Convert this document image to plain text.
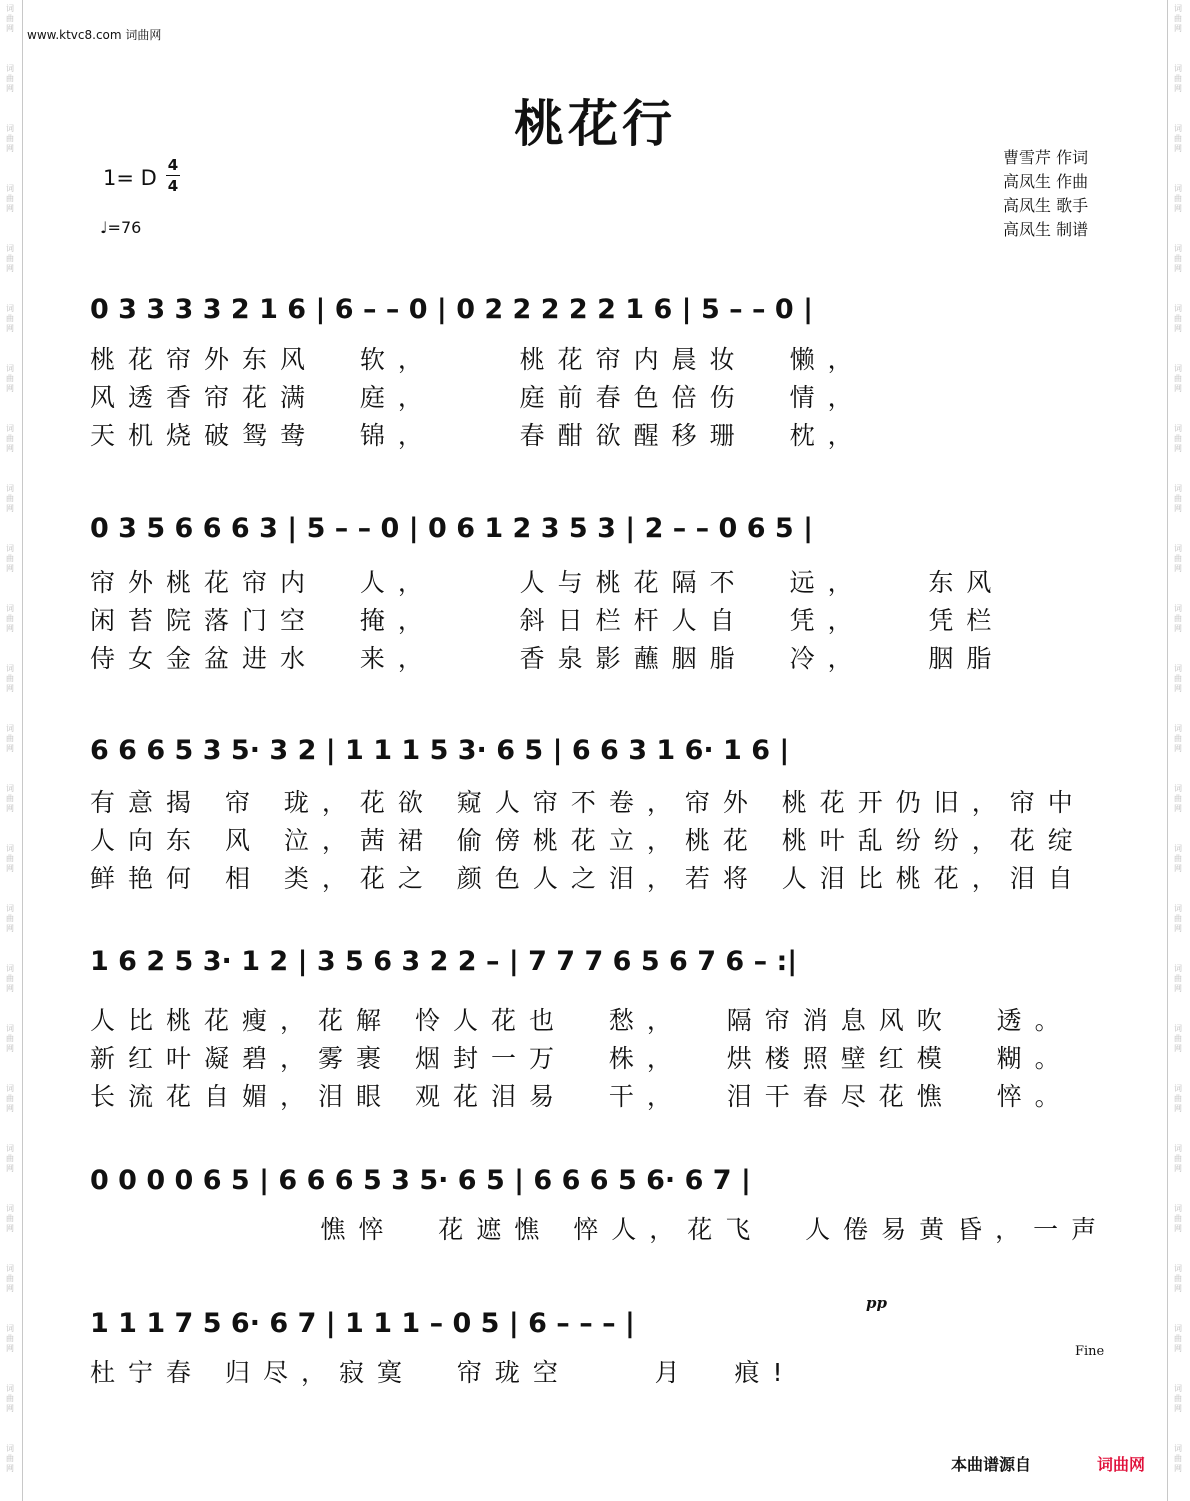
词
曲
网
词
曲
网
词
曲
网
词
曲
网
词
曲
网
词
曲
网
词
曲
网
词
曲
网
词
曲
网
词
曲
网
词
曲
网
词
曲
网
词
曲
网
词
曲
网
词
曲
网
词
曲
网
词
曲
网
词
曲
网
词
曲
网
词
曲
网
词
曲
网
词
曲
网
词
曲
网
词
曲
网
词
曲
网
词
曲
网
词
曲
网
词
曲
网
词
曲
网
词
曲
网
词
曲
网
词
曲
网
词
曲
网
词
曲
网
词
曲
网
词
曲
网
词
曲
网
词
曲
网
词
曲
网
词
曲
网
词
曲
网
词
曲
网
词
曲
网
词
曲
网
词
曲
网
词
曲
网
词
曲
网
词
曲
网
词
曲
网
词
曲
网
www.ktvc8.com 词曲网
桃花行
1= D
4
4
♩=76
曹雪芹 作词
高凤生 作曲
高凤生 歌手
高凤生 制谱
0 3 3 3 3 2 1 6 | 6 – – 0 | 0 2 2 2 2 2 1 6 | 5 – – 0 |
桃花帘外东风  软，    桃花帘内晨妆  懒，
风透香帘花满  庭，    庭前春色倍伤  情，
天机烧破鸳鸯  锦，    春酣欲醒移珊  枕，
0 3 5 6 6 6 3 | 5 – – 0 | 0 6 1 2 3 5 3 | 2 – – 0 6 5 |
帘外桃花帘内  人，    人与桃花隔不  远，   东风
闲苔院落门空  掩，    斜日栏杆人自  凭，   凭栏
侍女金盆进水  来，    香泉影蘸胭脂  冷，   胭脂
6 6 6 5 3 5· 3 2 | 1 1 1 5 3· 6 5 | 6 6 3 1 6· 1 6 |
有意揭 帘 珑，花欲 窥人帘不卷，帘外 桃花开仍旧，帘中
人向东 风 泣，茜裙 偷傍桃花立，桃花 桃叶乱纷纷，花绽
鲜艳何 相 类，花之 颜色人之泪，若将 人泪比桃花，泪自
1 6 2 5 3· 1 2 | 3 5 6 3 2 2 – | 7 7 7 6 5 6 7 6 – :|
人比桃花瘦，花解 怜人花也  愁，  隔帘消息风吹  透。
新红叶凝碧，雾裹 烟封一万  株，  烘楼照壁红模  糊。
长流花自媚，泪眼 观花泪易  干，  泪干春尽花憔  悴。
0 0 0 0 6 5 | 6 6 6 5 3 5· 6 5 | 6 6 6 5 6· 6 7 |
憔悴  花遮憔 悴人，花飞  人倦易黄昏，一声
pp
1 1 1 7 5 6· 6 7 | 1 1 1 – 0 5 | 6 – – – |
杜宁春 归尽，寂寞  帘珑空    月  痕!
Fine
本曲谱源自	词曲网
